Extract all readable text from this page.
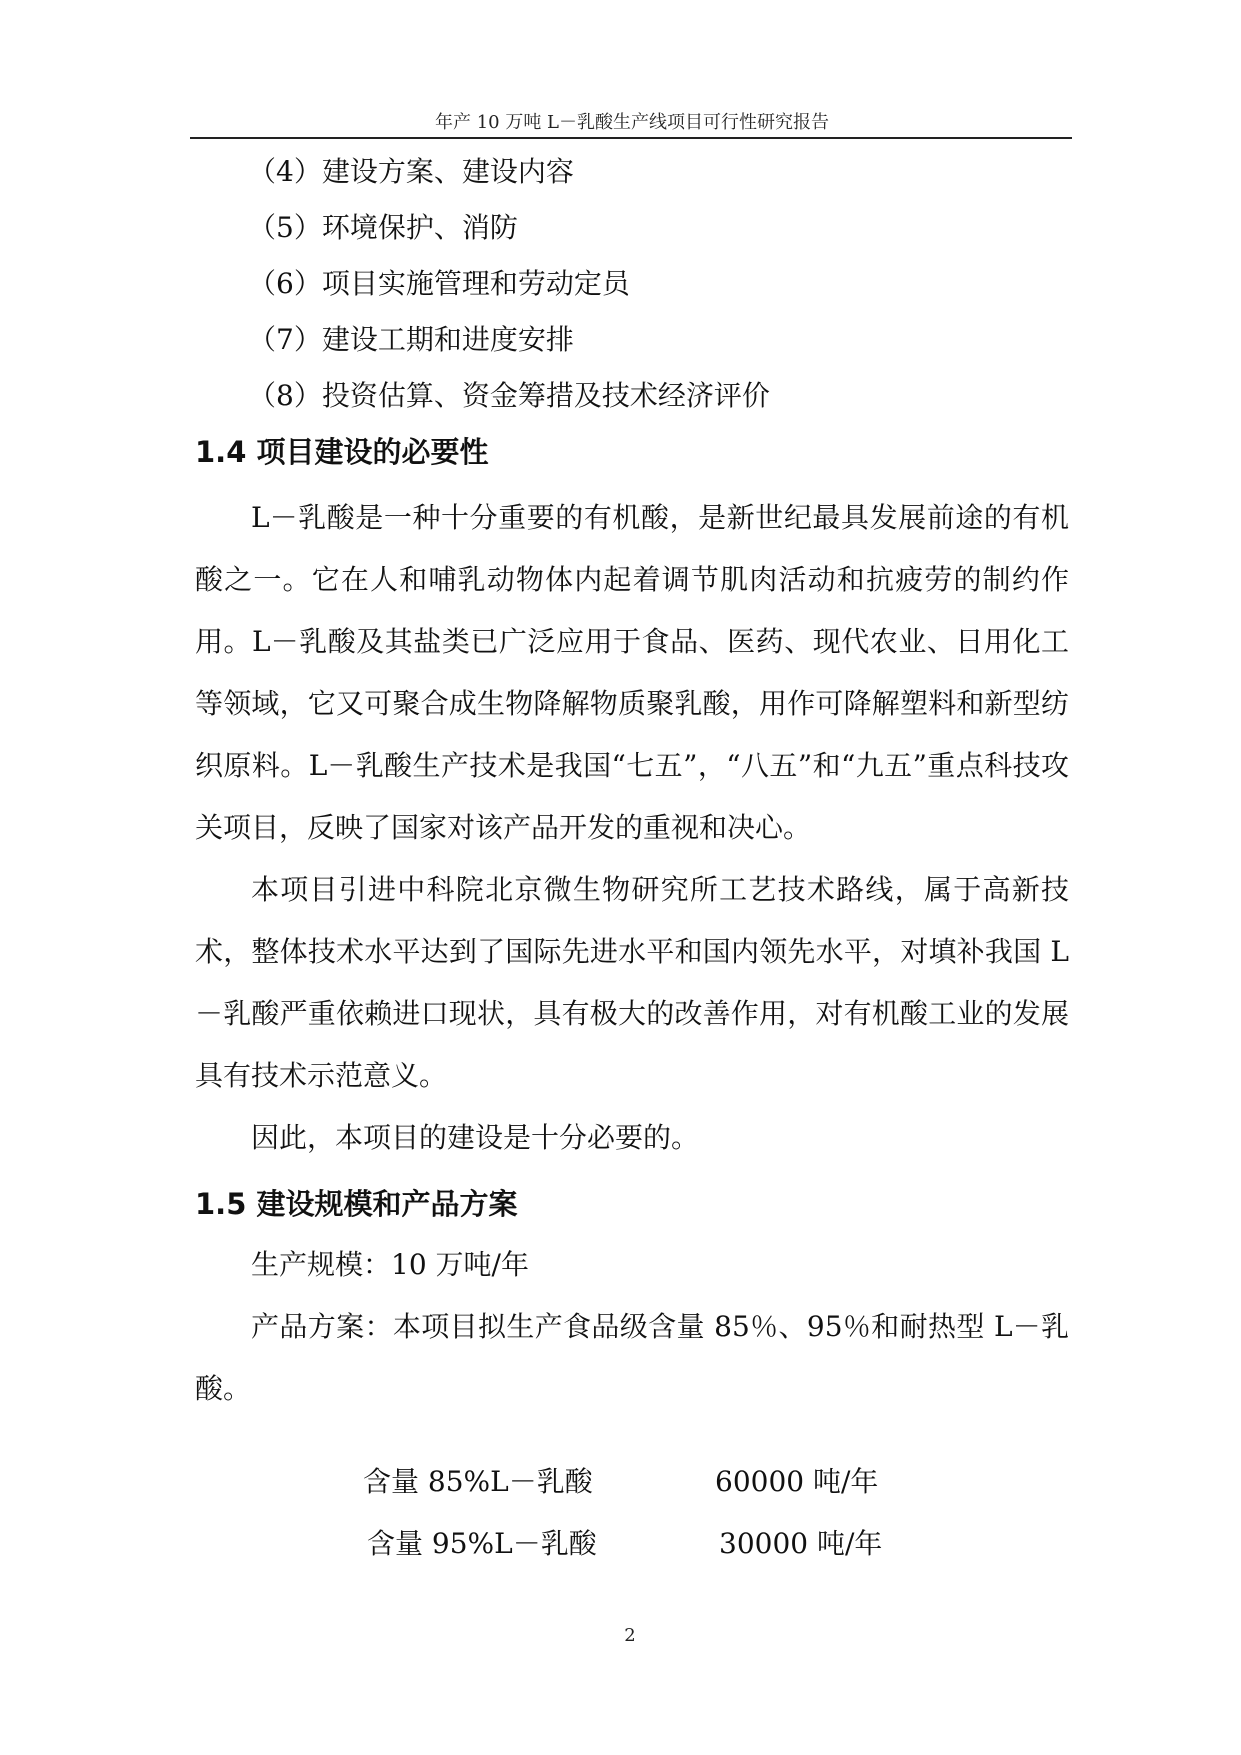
年产 10 万吨 L－乳酸生产线项目可行性研究报告
（4）建设方案、建设内容
（5）环境保护、消防
（6）项目实施管理和劳动定员
（7）建设工期和进度安排
（8）投资估算、资金筹措及技术经济评价
1.4 项目建设的必要性
L－乳酸是一种十分重要的有机酸，是新世纪最具发展前途的有机酸之一。它在人和哺乳动物体内起着调节肌肉活动和抗疲劳的制约作用。L－乳酸及其盐类已广泛应用于食品、医药、现代农业、日用化工等领域，它又可聚合成生物降解物质聚乳酸，用作可降解塑料和新型纺织原料。L－乳酸生产技术是我国“七五”，“八五”和“九五”重点科技攻关项目，反映了国家对该产品开发的重视和决心。
本项目引进中科院北京微生物研究所工艺技术路线，属于高新技术，整体技术水平达到了国际先进水平和国内领先水平，对填补我国 L－乳酸严重依赖进口现状，具有极大的改善作用，对有机酸工业的发展具有技术示范意义。
因此，本项目的建设是十分必要的。
1.5 建设规模和产品方案
生产规模：10 万吨/年
产品方案：本项目拟生产食品级含量 85％、95％和耐热型 L－乳酸。
含量 85%L－乳酸	60000 吨/年
含量 95%L－乳酸	30000 吨/年
2
